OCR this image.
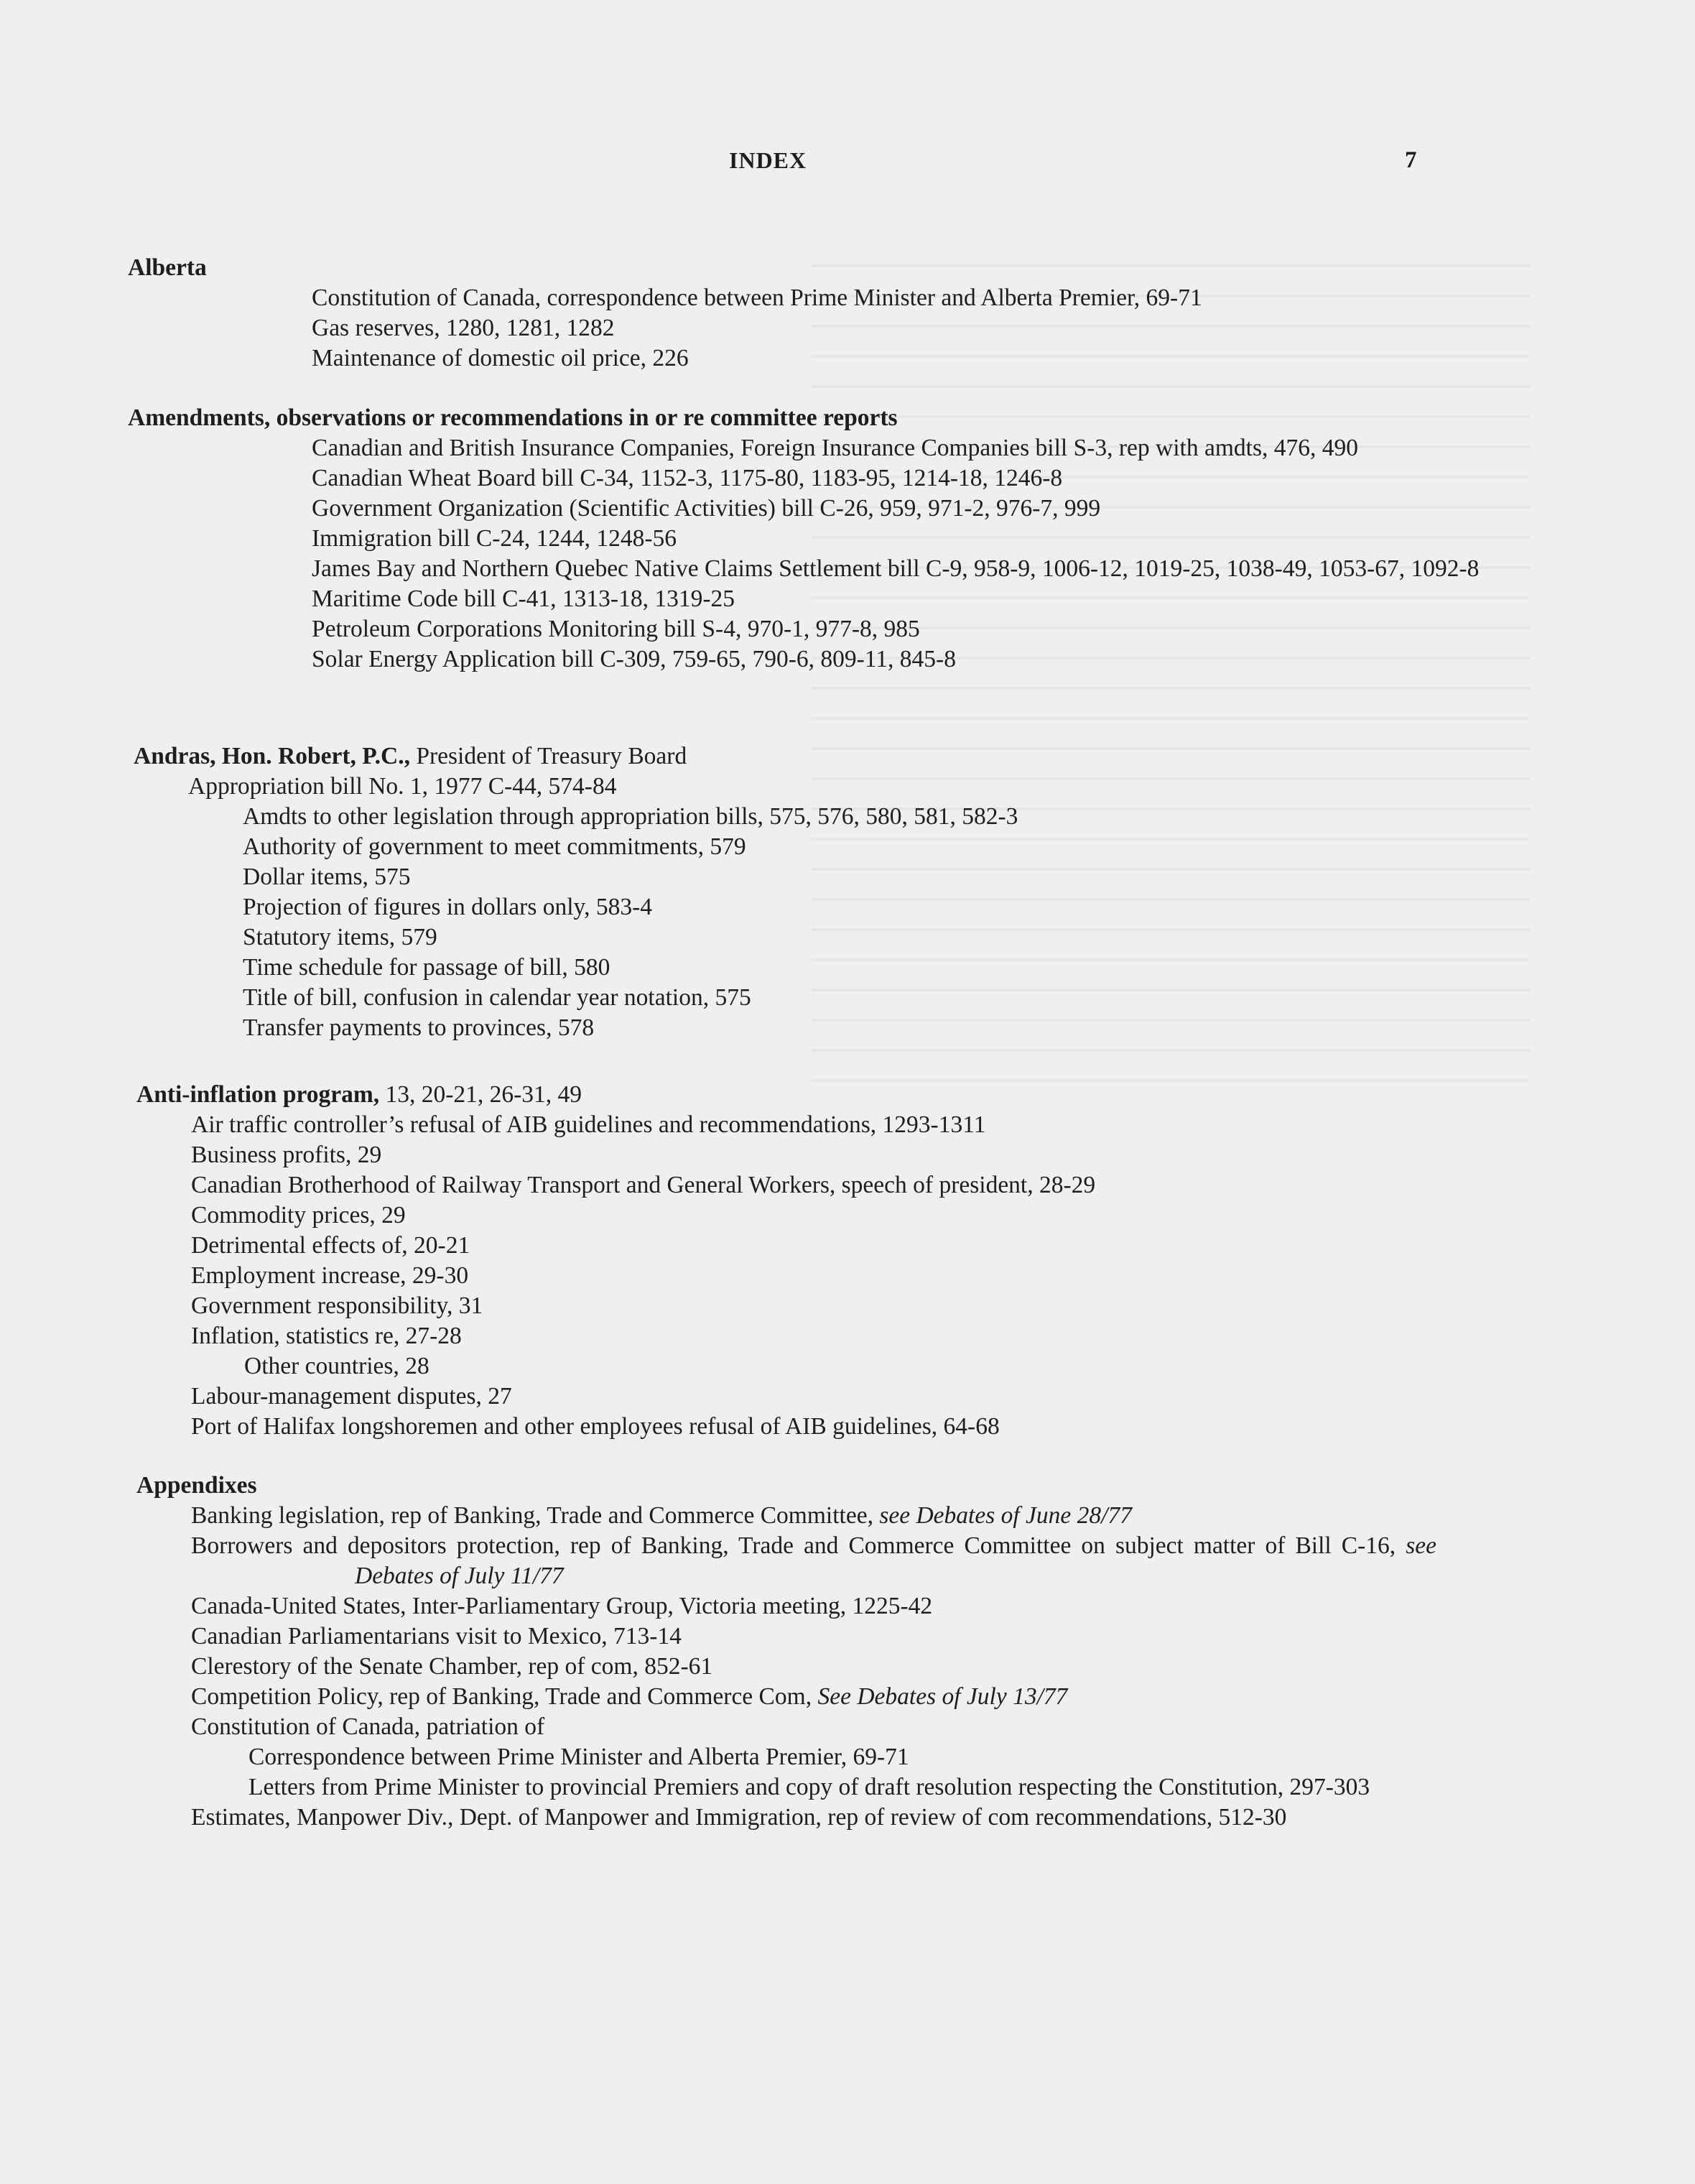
INDEX	7
Alberta
Constitution of Canada, correspondence between Prime Minister and Alberta Premier, 69-71
Gas reserves, 1280, 1281, 1282
Maintenance of domestic oil price, 226
Amendments, observations or recommendations in or re committee reports
Canadian and British Insurance Companies, Foreign Insurance Companies bill S-3, rep with amdts, 476, 490
Canadian Wheat Board bill C-34, 1152-3, 1175-80, 1183-95, 1214-18, 1246-8
Government Organization (Scientific Activities) bill C-26, 959, 971-2, 976-7, 999
Immigration bill C-24, 1244, 1248-56
James Bay and Northern Quebec Native Claims Settlement bill C-9, 958-9, 1006-12, 1019-25, 1038-49, 1053-67, 1092-8
Maritime Code bill C-41, 1313-18, 1319-25
Petroleum Corporations Monitoring bill S-4, 970-1, 977-8, 985
Solar Energy Application bill C-309, 759-65, 790-6, 809-11, 845-8
Andras, Hon. Robert, P.C., President of Treasury Board
Appropriation bill No. 1, 1977 C-44, 574-84
Amdts to other legislation through appropriation bills, 575, 576, 580, 581, 582-3
Authority of government to meet commitments, 579
Dollar items, 575
Projection of figures in dollars only, 583-4
Statutory items, 579
Time schedule for passage of bill, 580
Title of bill, confusion in calendar year notation, 575
Transfer payments to provinces, 578
Anti-inflation program, 13, 20-21, 26-31, 49
Air traffic controller’s refusal of AIB guidelines and recommendations, 1293-1311
Business profits, 29
Canadian Brotherhood of Railway Transport and General Workers, speech of president, 28-29
Commodity prices, 29
Detrimental effects of, 20-21
Employment increase, 29-30
Government responsibility, 31
Inflation, statistics re, 27-28
Other countries, 28
Labour-management disputes, 27
Port of Halifax longshoremen and other employees refusal of AIB guidelines, 64-68
Appendixes
Banking legislation, rep of Banking, Trade and Commerce Committee, see Debates of June 28/77
Borrowers and depositors protection, rep of Banking, Trade and Commerce Committee on subject matter of Bill C-16, see Debates of July 11/77
Canada-United States, Inter-Parliamentary Group, Victoria meeting, 1225-42
Canadian Parliamentarians visit to Mexico, 713-14
Clerestory of the Senate Chamber, rep of com, 852-61
Competition Policy, rep of Banking, Trade and Commerce Com, See Debates of July 13/77
Constitution of Canada, patriation of
Correspondence between Prime Minister and Alberta Premier, 69-71
Letters from Prime Minister to provincial Premiers and copy of draft resolution respecting the Constitution, 297-303
Estimates, Manpower Div., Dept. of Manpower and Immigration, rep of review of com recommendations, 512-30
